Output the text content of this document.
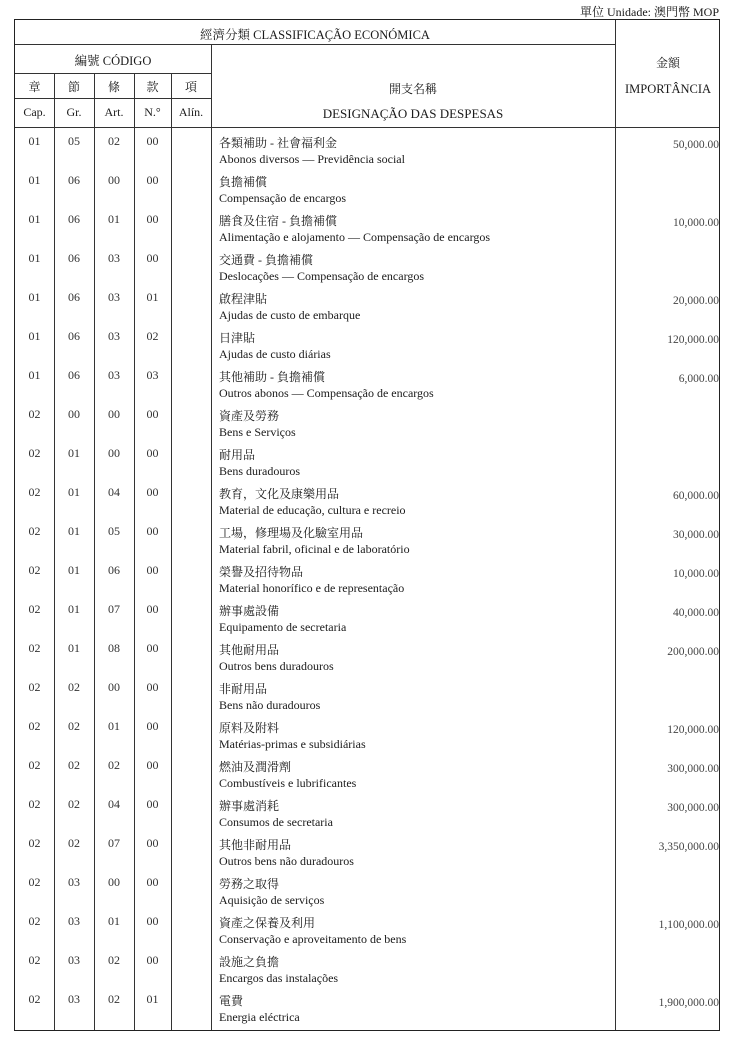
單位 Unidade: 澳門幣 MOP
經濟分類 CLASSIFICAÇÃO ECONÓMICA
編號 CÓDIGO
章	節	條	款	項
Cap.	Gr.	Art.	N.°	Alín.
開支名稱
DESIGNAÇÃO DAS DESPESAS
金額
IMPORTÂNCIA
01	05	02	00	各類補助 - 社會福利金
Abonos diversos — Previdência social
50,000.00
01	06	00	00	負擔補償
Compensação de encargos
01	06	01	00	膳食及住宿 - 負擔補償
Alimentação e alojamento — Compensação de encargos
10,000.00
01	06	03	00	交通費 - 負擔補償
Deslocações — Compensação de encargos
01	06	03	01	啟程津貼
Ajudas de custo de embarque
20,000.00
01	06	03	02	日津貼
Ajudas de custo diárias
120,000.00
01	06	03	03	其他補助 - 負擔補償
Outros abonos — Compensação de encargos
6,000.00
02	00	00	00	資產及勞務
Bens e Serviços
02	01	00	00	耐用品
Bens duradouros
02	01	04	00	教育，文化及康樂用品
Material de educação, cultura e recreio
60,000.00
02	01	05	00	工場，修理場及化驗室用品
Material fabril, oficinal e de laboratório
30,000.00
02	01	06	00	榮譽及招待物品
Material honorífico e de representação
10,000.00
02	01	07	00	辦事處設備
Equipamento de secretaria
40,000.00
02	01	08	00	其他耐用品
Outros bens duradouros
200,000.00
02	02	00	00	非耐用品
Bens não duradouros
02	02	01	00	原料及附料
Matérias-primas e subsidiárias
120,000.00
02	02	02	00	燃油及潤滑劑
Combustíveis e lubrificantes
300,000.00
02	02	04	00	辦事處消耗
Consumos de secretaria
300,000.00
02	02	07	00	其他非耐用品
Outros bens não duradouros
3,350,000.00
02	03	00	00	勞務之取得
Aquisição de serviços
02	03	01	00	資產之保養及利用
Conservação e aproveitamento de bens
1,100,000.00
02	03	02	00	設施之負擔
Encargos das instalações
02	03	02	01	電費
Energia eléctrica
1,900,000.00
